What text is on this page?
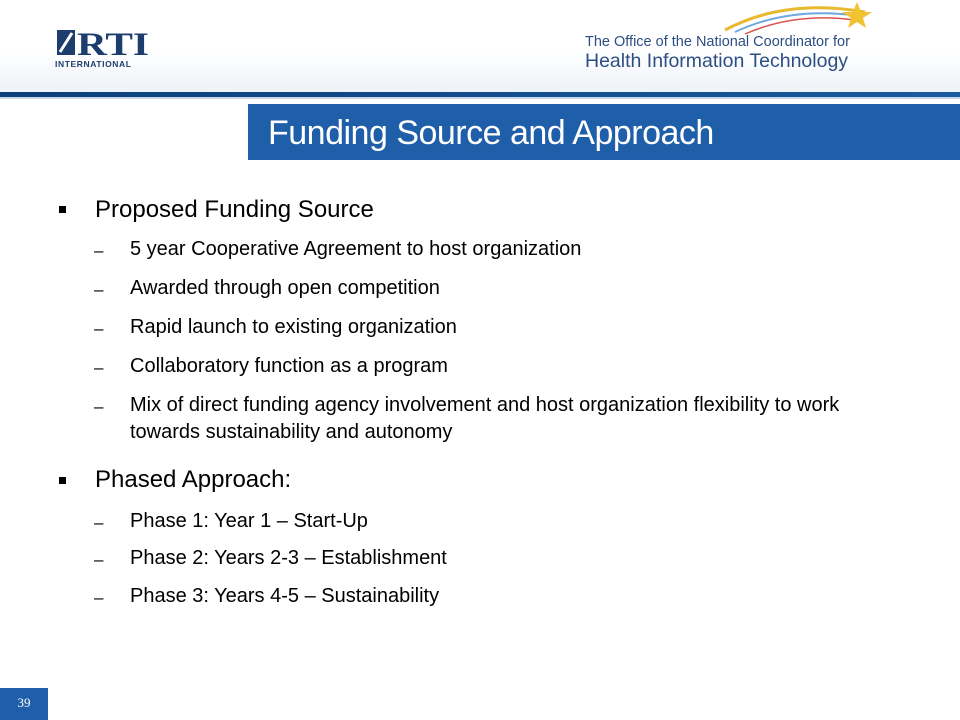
RTI
INTERNATIONAL
The Office of the National Coordinator for
Health Information Technology
Funding Source and Approach
Proposed Funding Source
– 5 year Cooperative Agreement to host organization
– Awarded through open competition
– Rapid launch to existing organization
– Collaboratory function as a program
– Mix of direct funding agency involvement and host organization flexibility to work towards sustainability and autonomy
Phased Approach:
– Phase 1: Year 1 – Start-Up
– Phase 2: Years 2-3 – Establishment
– Phase 3: Years 4-5 – Sustainability
39
